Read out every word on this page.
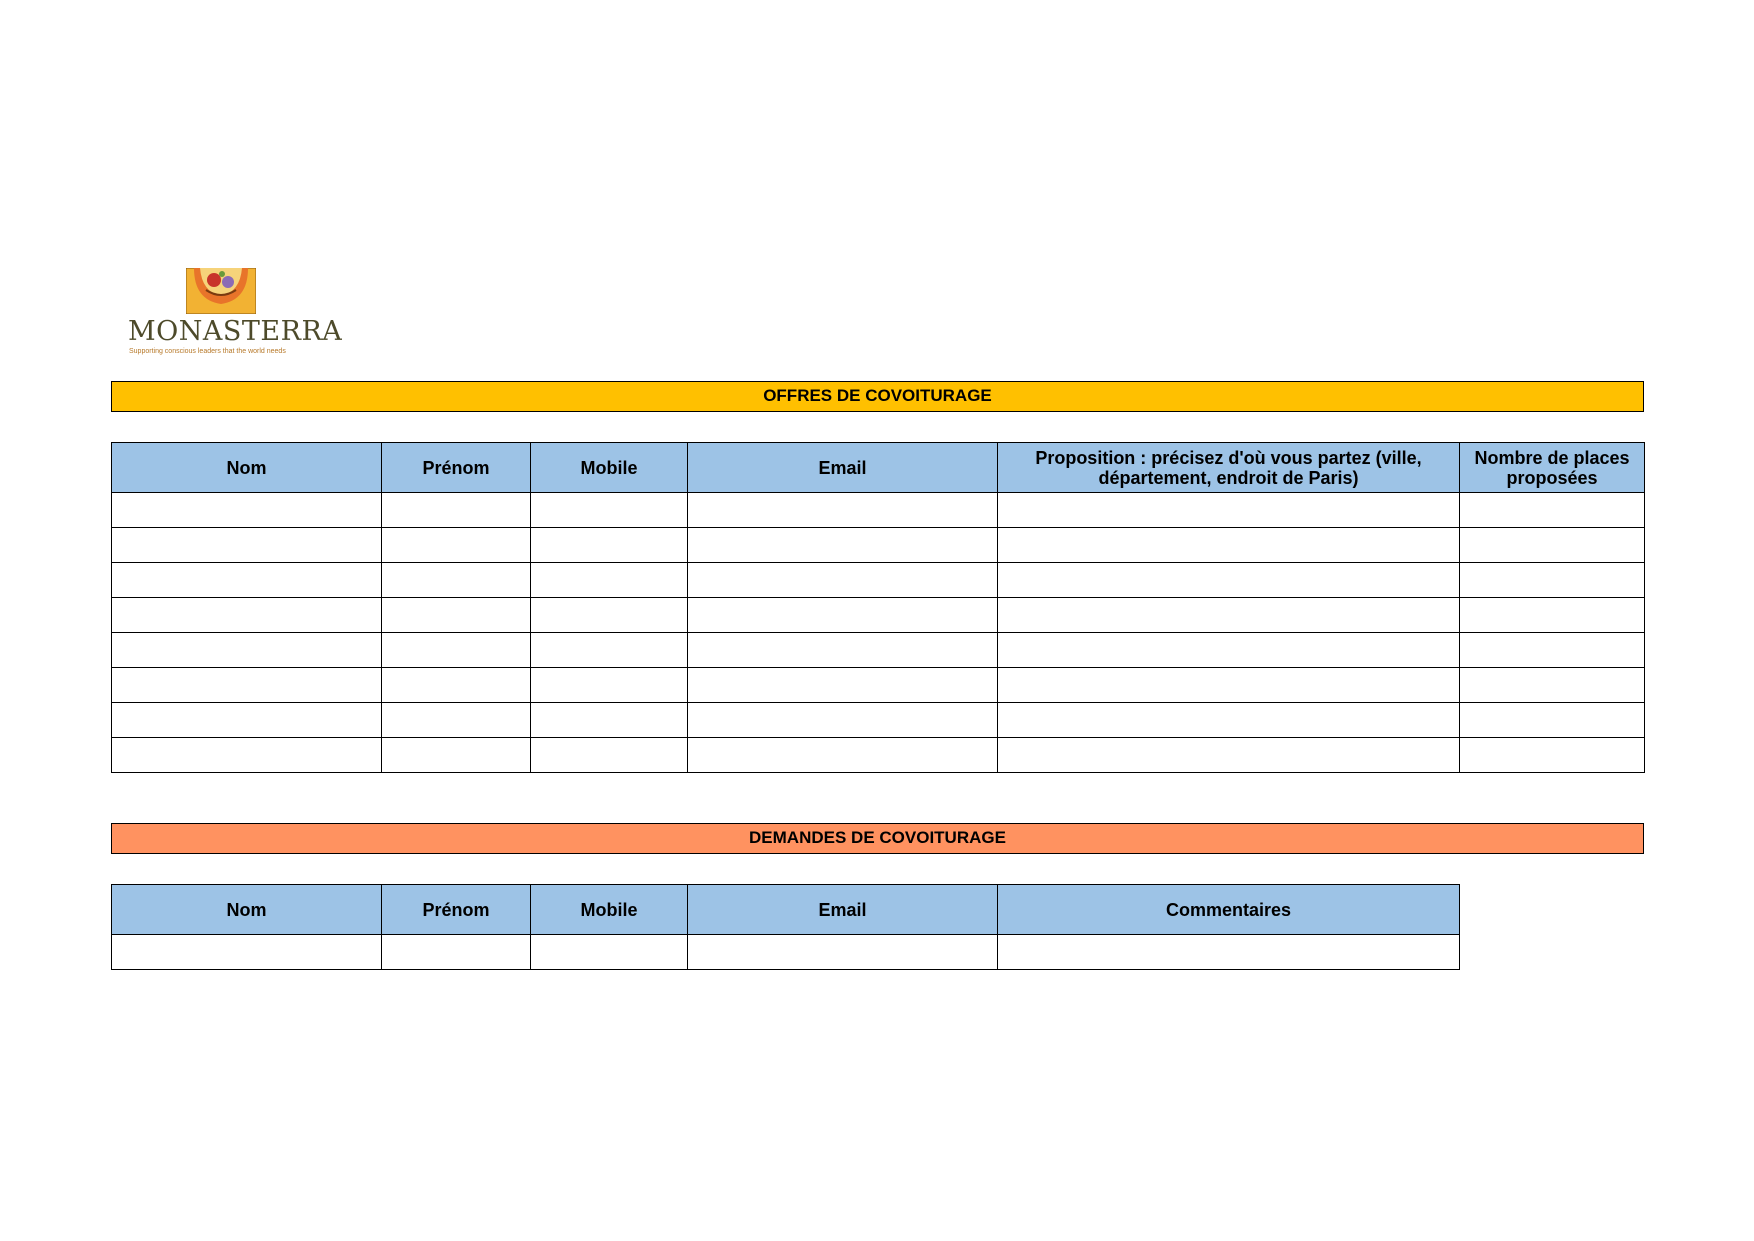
MONASTERRA
Supporting conscious leaders that the world needs
OFFRES DE COVOITURAGE
Nom	Prénom	Mobile	Email	Proposition : précisez d'où vous partez (ville, département, endroit de Paris)	Nombre de places proposées

DEMANDES DE COVOITURAGE
Nom	Prénom	Mobile	Email	Commentaires
